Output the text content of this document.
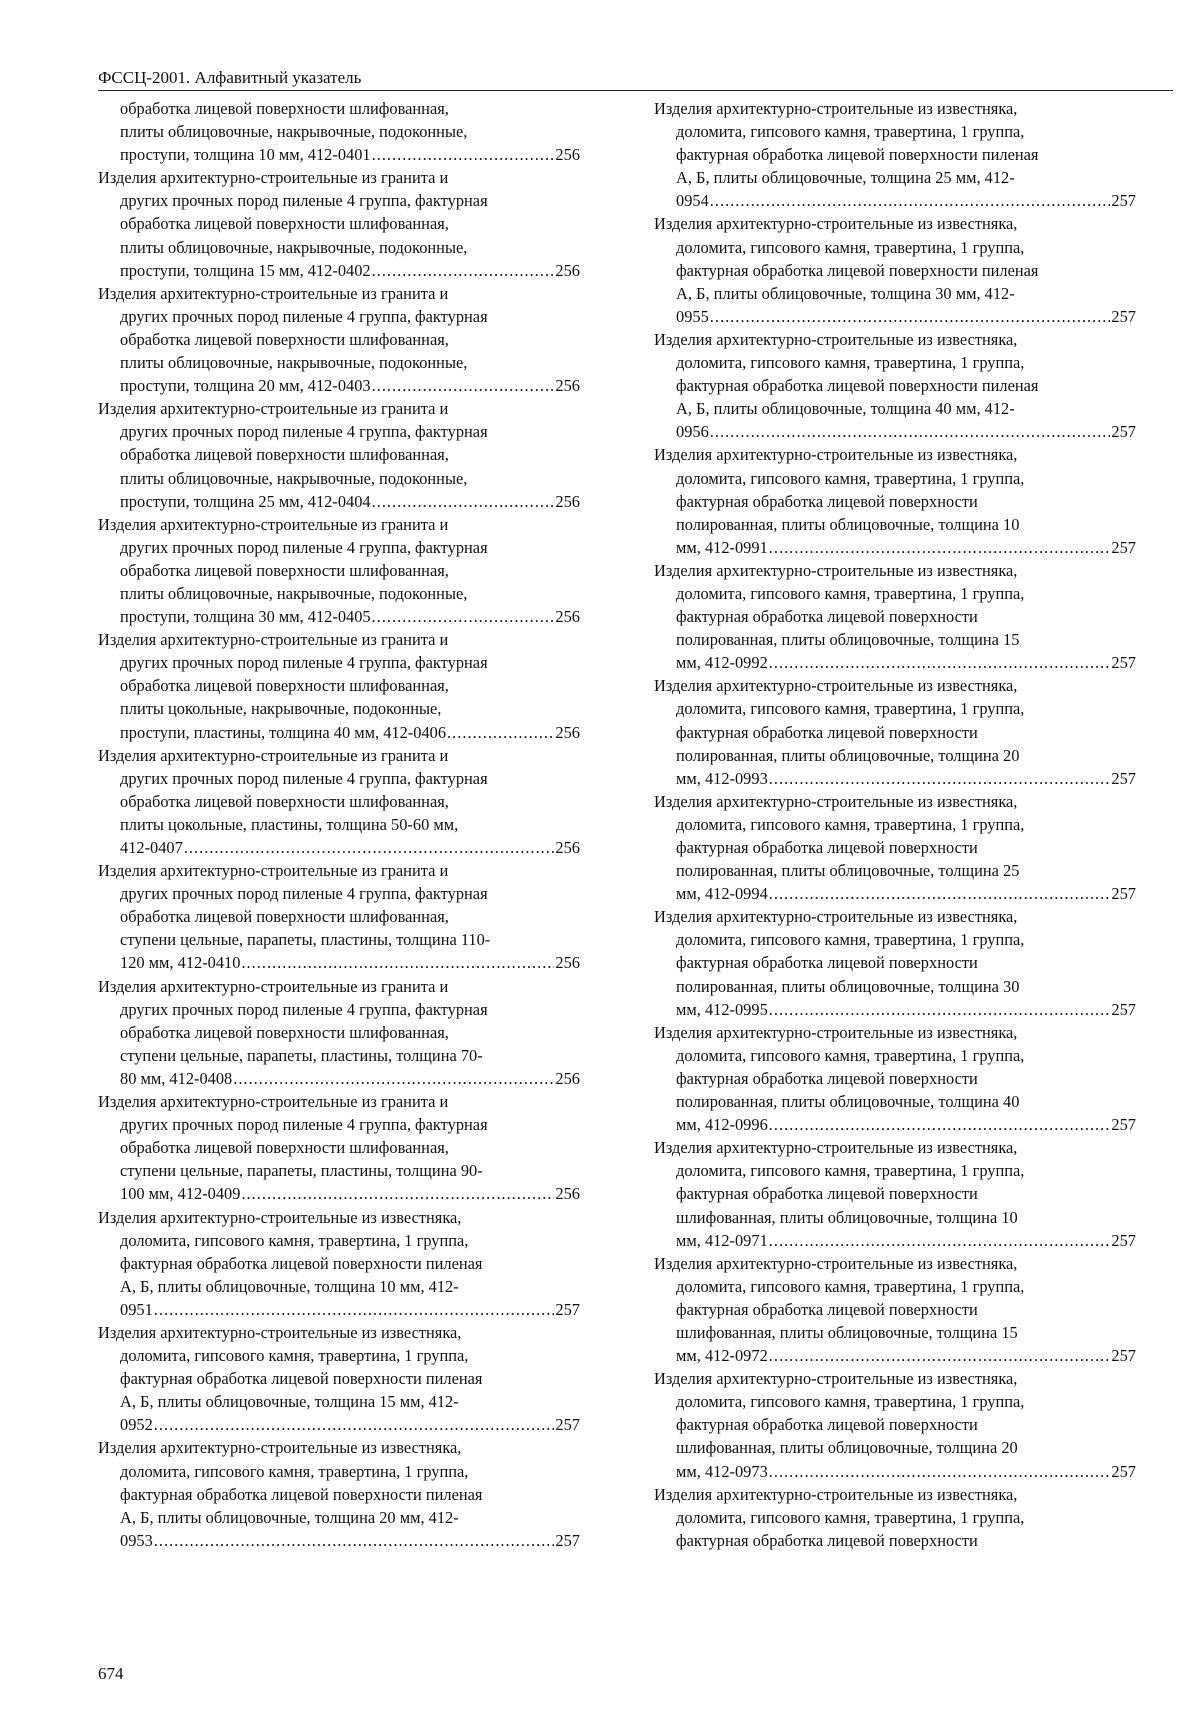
ФССЦ-2001. Алфавитный указатель
обработка лицевой поверхности шлифованная,
плиты облицовочные, накрывочные, подоконные,
проступи, толщина 10 мм, 412-0401 .....	256
Изделия архитектурно-строительные из гранита и
других прочных пород пиленые 4 группа, фактурная
обработка лицевой поверхности шлифованная,
плиты облицовочные, накрывочные, подоконные,
проступи, толщина 15 мм, 412-0402 .....	256
Изделия архитектурно-строительные из гранита и
других прочных пород пиленые 4 группа, фактурная
обработка лицевой поверхности шлифованная,
плиты облицовочные, накрывочные, подоконные,
проступи, толщина 20 мм, 412-0403 .....	256
Изделия архитектурно-строительные из гранита и
других прочных пород пиленые 4 группа, фактурная
обработка лицевой поверхности шлифованная,
плиты облицовочные, накрывочные, подоконные,
проступи, толщина 25 мм, 412-0404 .....	256
Изделия архитектурно-строительные из гранита и
других прочных пород пиленые 4 группа, фактурная
обработка лицевой поверхности шлифованная,
плиты облицовочные, накрывочные, подоконные,
проступи, толщина 30 мм, 412-0405 .....	256
Изделия архитектурно-строительные из гранита и
других прочных пород пиленые 4 группа, фактурная
обработка лицевой поверхности шлифованная,
плиты цокольные, накрывочные, подоконные,
проступи, пластины, толщина 40 мм, 412-0406 .....	256
Изделия архитектурно-строительные из гранита и
других прочных пород пиленые 4 группа, фактурная
обработка лицевой поверхности шлифованная,
плиты цокольные, пластины, толщина 50-60 мм,
412-0407 .....	256
Изделия архитектурно-строительные из гранита и
других прочных пород пиленые 4 группа, фактурная
обработка лицевой поверхности шлифованная,
ступени цельные, парапеты, пластины, толщина 110-
120 мм, 412-0410 .....	256
Изделия архитектурно-строительные из гранита и
других прочных пород пиленые 4 группа, фактурная
обработка лицевой поверхности шлифованная,
ступени цельные, парапеты, пластины, толщина 70-
80 мм, 412-0408 .....	256
Изделия архитектурно-строительные из гранита и
других прочных пород пиленые 4 группа, фактурная
обработка лицевой поверхности шлифованная,
ступени цельные, парапеты, пластины, толщина 90-
100 мм, 412-0409 .....	256
Изделия архитектурно-строительные из известняка,
доломита, гипсового камня, травертина, 1 группа,
фактурная обработка лицевой поверхности пиленая
А, Б, плиты облицовочные, толщина 10 мм, 412-
0951 .....	257
Изделия архитектурно-строительные из известняка,
доломита, гипсового камня, травертина, 1 группа,
фактурная обработка лицевой поверхности пиленая
А, Б, плиты облицовочные, толщина 15 мм, 412-
0952 .....	257
Изделия архитектурно-строительные из известняка,
доломита, гипсового камня, травертина, 1 группа,
фактурная обработка лицевой поверхности пиленая
А, Б, плиты облицовочные, толщина 20 мм, 412-
0953 .....	257
Изделия архитектурно-строительные из известняка,
доломита, гипсового камня, травертина, 1 группа,
фактурная обработка лицевой поверхности пиленая
А, Б, плиты облицовочные, толщина 25 мм, 412-
0954 .....	257
Изделия архитектурно-строительные из известняка,
доломита, гипсового камня, травертина, 1 группа,
фактурная обработка лицевой поверхности пиленая
А, Б, плиты облицовочные, толщина 30 мм, 412-
0955 .....	257
Изделия архитектурно-строительные из известняка,
доломита, гипсового камня, травертина, 1 группа,
фактурная обработка лицевой поверхности пиленая
А, Б, плиты облицовочные, толщина 40 мм, 412-
0956 .....	257
Изделия архитектурно-строительные из известняка,
доломита, гипсового камня, травертина, 1 группа,
фактурная обработка лицевой поверхности
полированная, плиты облицовочные, толщина 10
мм, 412-0991 .....	257
Изделия архитектурно-строительные из известняка,
доломита, гипсового камня, травертина, 1 группа,
фактурная обработка лицевой поверхности
полированная, плиты облицовочные, толщина 15
мм, 412-0992 .....	257
Изделия архитектурно-строительные из известняка,
доломита, гипсового камня, травертина, 1 группа,
фактурная обработка лицевой поверхности
полированная, плиты облицовочные, толщина 20
мм, 412-0993 .....	257
Изделия архитектурно-строительные из известняка,
доломита, гипсового камня, травертина, 1 группа,
фактурная обработка лицевой поверхности
полированная, плиты облицовочные, толщина 25
мм, 412-0994 .....	257
Изделия архитектурно-строительные из известняка,
доломита, гипсового камня, травертина, 1 группа,
фактурная обработка лицевой поверхности
полированная, плиты облицовочные, толщина 30
мм, 412-0995 .....	257
Изделия архитектурно-строительные из известняка,
доломита, гипсового камня, травертина, 1 группа,
фактурная обработка лицевой поверхности
полированная, плиты облицовочные, толщина 40
мм, 412-0996 .....	257
Изделия архитектурно-строительные из известняка,
доломита, гипсового камня, травертина, 1 группа,
фактурная обработка лицевой поверхности
шлифованная, плиты облицовочные, толщина 10
мм, 412-0971 .....	257
Изделия архитектурно-строительные из известняка,
доломита, гипсового камня, травертина, 1 группа,
фактурная обработка лицевой поверхности
шлифованная, плиты облицовочные, толщина 15
мм, 412-0972 .....	257
Изделия архитектурно-строительные из известняка,
доломита, гипсового камня, травертина, 1 группа,
фактурная обработка лицевой поверхности
шлифованная, плиты облицовочные, толщина 20
мм, 412-0973 .....	257
Изделия архитектурно-строительные из известняка,
доломита, гипсового камня, травертина, 1 группа,
фактурная обработка лицевой поверхности
674
